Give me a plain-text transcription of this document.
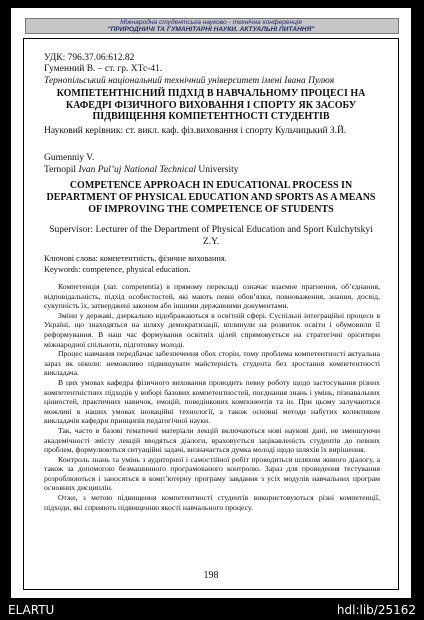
Міжнародна студентська науково - технічна конференція
"ПРИРОДНИЧІ ТА ГУМАНІТАРНІ НАУКИ. АКТУАЛЬНІ ПИТАННЯ"

УДК: 796.37.06:612.82

Гуменний В. – ст. гр. ХТс-41.

Тернопільський національний технічний університет імені Івана Пулюя

КОМПЕТЕНТНІСНИЙ ПІДХІД В НАВЧАЛЬНОМУ ПРОЦЕСІ НА КАФЕДРІ ФІЗИЧНОГО ВИХОВАННЯ І СПОРТУ ЯК ЗАСОБУ ПІДВИЩЕННЯ КОМПЕТЕНТНОСТІ СТУДЕНТІВ

Науковий керівник: ст. викл. каф. фіз.виховання і спорту Кульчицький З.Й.

Gumenniy V.

Ternopil Ivan Pul’uj National Technical University

COMPETENCE APPROACH IN EDUCATIONAL PROCESS IN DEPARTMENT OF PHYSICAL EDUCATION AND SPORTS AS A MEANS OF IMPROVING THE COMPETENCE OF STUDENTS

Supervisor: Lecturer of the Department of Physical Education and Sport Kulchytskyi Z.Y.

Ключові слова: компетентність, фізичне виховання.

Keywords: competence, physical education.

Компетенція (лат. competentia) в прямому перекладі означає взаємне прагнення, об’єднання, відповідальність, підхід особистостей, які мають певні обов’язки, повноваження, знання, досвід, сукупність їх, затверджені законом або іншими державними документами.

Зміни у державі, дзеркально відображаються в освітній сфері. Суспільні інтеграційні процеси в Україні, що знаходяться на шляху демократизації, вплинули на розвиток освіти і обумовили її реформування. В наш час формування освітніх цілей спрямовується на стратегічні орієнтири міжнародної спільноти, підготовку молоді.

Процес навчання передбачає забезпечення обох сторін, тому проблема компетентності актуальна зараз як ніколи: неможливо підвищувати майстерність студента без зростання компетентності викладача.

В цих умовах кафедра фізичного виховання проводить певну роботу щодо застосування різних компетентністних підходів у виборі базових компетентностей, поєднання знань і умінь, пізнавальних цінностей, практичних навичок, емоцій, поведінкових компонентів та ін. При цьому залучаються можливі в наших умовах іноваційні технології, а також основні методи набутих колективом викладачів кафедри принципів педагогічної науки.

Так, часто в базові тематичні матеріали лекцій включаються нові наукові дані, не зменшуючи академічності змісту лекцій вводяться діалоги, враховується зацікавленість студентів до певних проблем, формулюються ситуаційні задачі, визначається думка молоді щодо шляхів їх вирішення.

Контроль знань та умінь з аудиторної і самостійної робіт проводиться шляхом живого діалогу, а також за допомогою безмашинного програмованого контролю. Зараз для проведення тестування розроблюються і заносяться в комп’ютерну програму завдання з усіх модулів навчальних програм основних дисциплін.

Отже, з метою підвищення компетентності студентів використовуються різні компетенції, підходи, які сприяють підвищенню якості навчального процесу.

198

ELARTU	hdl:lib/25162
